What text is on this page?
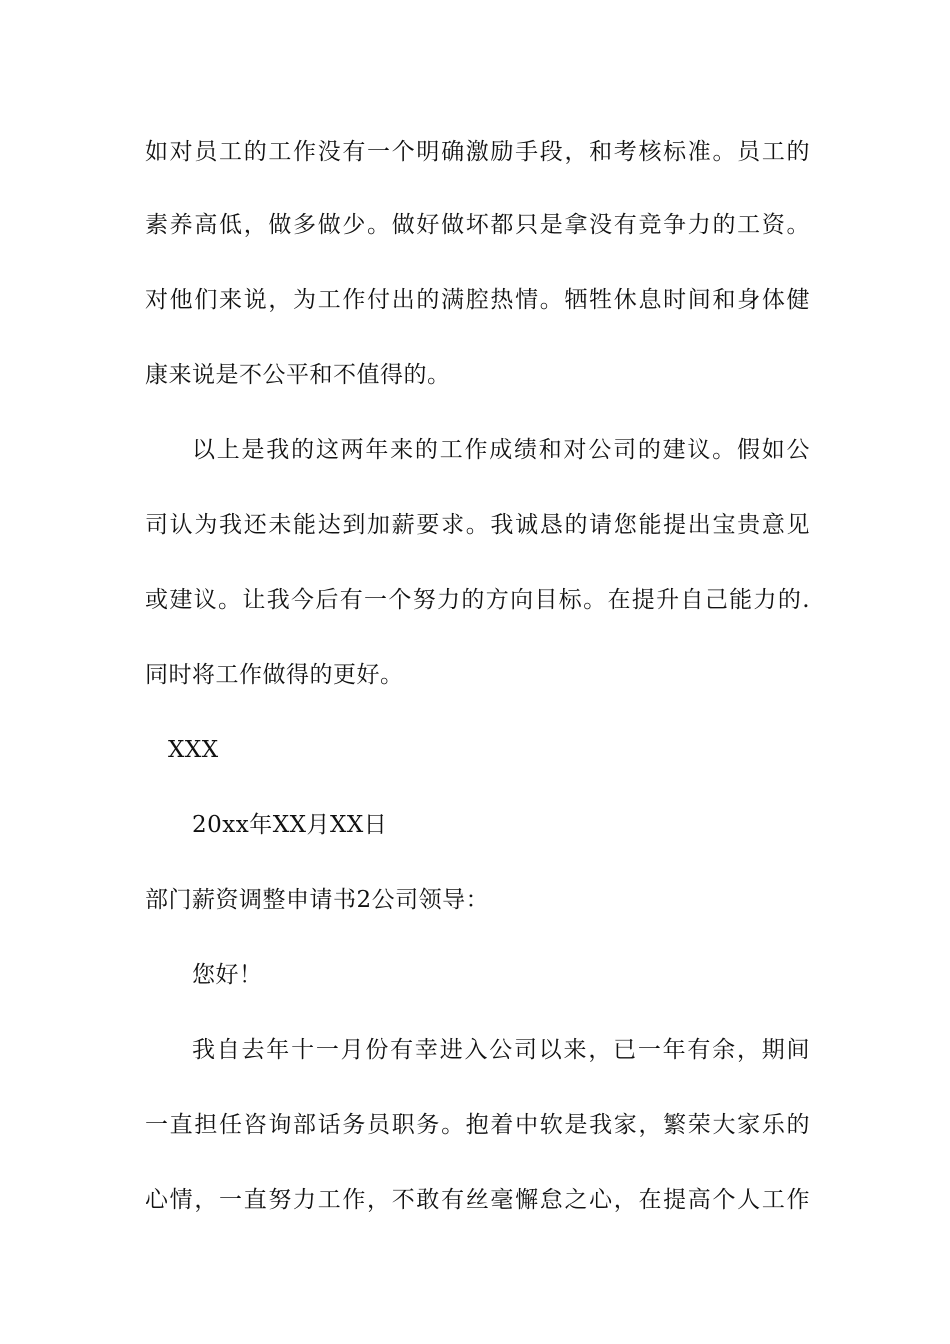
如对员工的工作没有一个明确激励手段，和考核标准。员工的
素养高低，做多做少。做好做坏都只是拿没有竞争力的工资。
对他们来说，为工作付出的满腔热情。牺牲休息时间和身体健
康来说是不公平和不值得的。
以上是我的这两年来的工作成绩和对公司的建议。假如公
司认为我还未能达到加薪要求。我诚恳的请您能提出宝贵意见
或建议。让我今后有一个努力的方向目标。在提升自己能力的.
同时将工作做得的更好。
XXX
20xx年XX月XX日
部门薪资调整申请书2公司领导：
您好！
我自去年十一月份有幸进入公司以来，已一年有余，期间
一直担任咨询部话务员职务。抱着中软是我家，繁荣大家乐的
心情，一直努力工作，不敢有丝毫懈怠之心，在提高个人工作
